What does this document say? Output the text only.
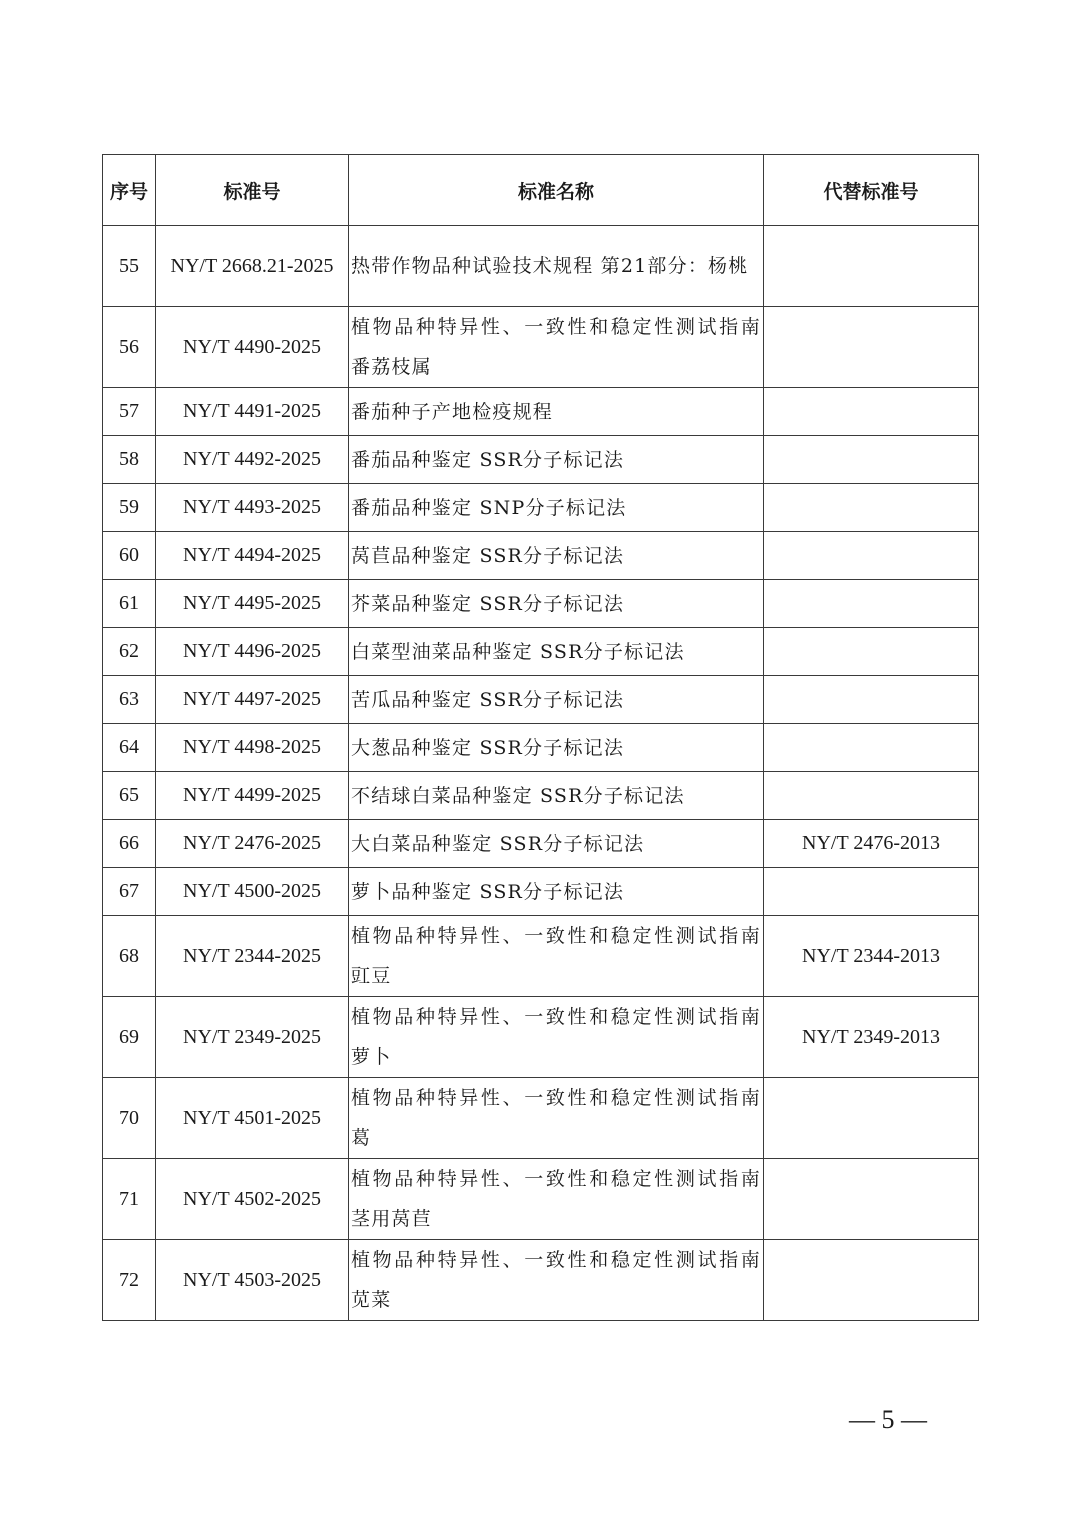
序号	标准号	标准名称	代替标准号
55	NY/T 2668.21-2025	热带作物品种试验技术规程 第21部分：杨桃	
56	NY/T 4490-2025	植物品种特异性、一致性和稳定性测试指南 番荔枝属	
57	NY/T 4491-2025	番茄种子产地检疫规程	
58	NY/T 4492-2025	番茄品种鉴定 SSR分子标记法	
59	NY/T 4493-2025	番茄品种鉴定 SNP分子标记法	
60	NY/T 4494-2025	莴苣品种鉴定 SSR分子标记法	
61	NY/T 4495-2025	芥菜品种鉴定 SSR分子标记法	
62	NY/T 4496-2025	白菜型油菜品种鉴定 SSR分子标记法	
63	NY/T 4497-2025	苦瓜品种鉴定 SSR分子标记法	
64	NY/T 4498-2025	大葱品种鉴定 SSR分子标记法	
65	NY/T 4499-2025	不结球白菜品种鉴定 SSR分子标记法	
66	NY/T 2476-2025	大白菜品种鉴定 SSR分子标记法	NY/T 2476-2013
67	NY/T 4500-2025	萝卜品种鉴定 SSR分子标记法	
68	NY/T 2344-2025	植物品种特异性、一致性和稳定性测试指南 豇豆	NY/T 2344-2013
69	NY/T 2349-2025	植物品种特异性、一致性和稳定性测试指南 萝卜	NY/T 2349-2013
70	NY/T 4501-2025	植物品种特异性、一致性和稳定性测试指南 葛	
71	NY/T 4502-2025	植物品种特异性、一致性和稳定性测试指南 茎用莴苣	
72	NY/T 4503-2025	植物品种特异性、一致性和稳定性测试指南 苋菜	
— 5 —
